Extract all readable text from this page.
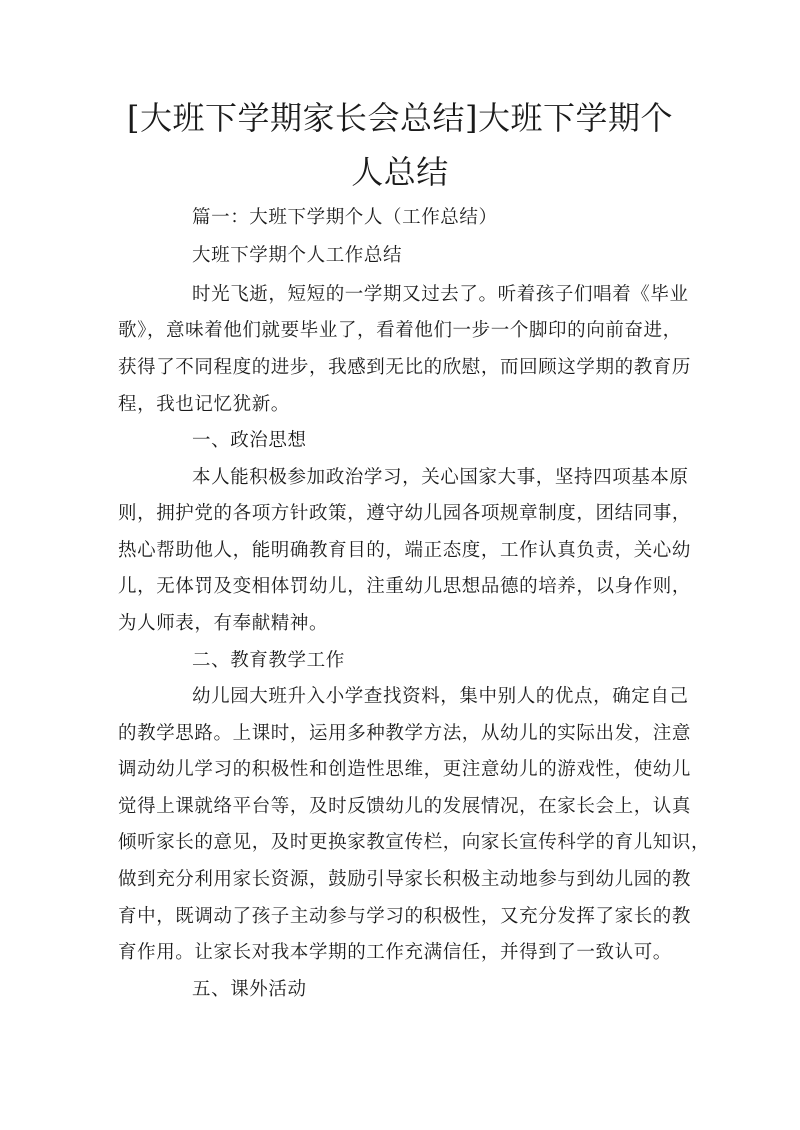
[大班下学期家长会总结]大班下学期个
人总结
篇一：大班下学期个人（工作总结）
大班下学期个人工作总结
时光飞逝，短短的一学期又过去了。听着孩子们唱着《毕业
歌》，意味着他们就要毕业了，看着他们一步一个脚印的向前奋进，
获得了不同程度的进步，我感到无比的欣慰，而回顾这学期的教育历
程，我也记忆犹新。
一、政治思想
本人能积极参加政治学习，关心国家大事，坚持四项基本原
则，拥护党的各项方针政策，遵守幼儿园各项规章制度，团结同事，
热心帮助他人，能明确教育目的，端正态度，工作认真负责，关心幼
儿，无体罚及变相体罚幼儿，注重幼儿思想品德的培养，以身作则，
为人师表，有奉献精神。
二、教育教学工作
幼儿园大班升入小学查找资料，集中别人的优点，确定自己
的教学思路。上课时，运用多种教学方法，从幼儿的实际出发，注意
调动幼儿学习的积极性和创造性思维，更注意幼儿的游戏性，使幼儿
觉得上课就络平台等，及时反馈幼儿的发展情况，在家长会上，认真
倾听家长的意见，及时更换家教宣传栏，向家长宣传科学的育儿知识，
做到充分利用家长资源，鼓励引导家长积极主动地参与到幼儿园的教
育中，既调动了孩子主动参与学习的积极性，又充分发挥了家长的教
育作用。让家长对我本学期的工作充满信任，并得到了一致认可。
五、课外活动
